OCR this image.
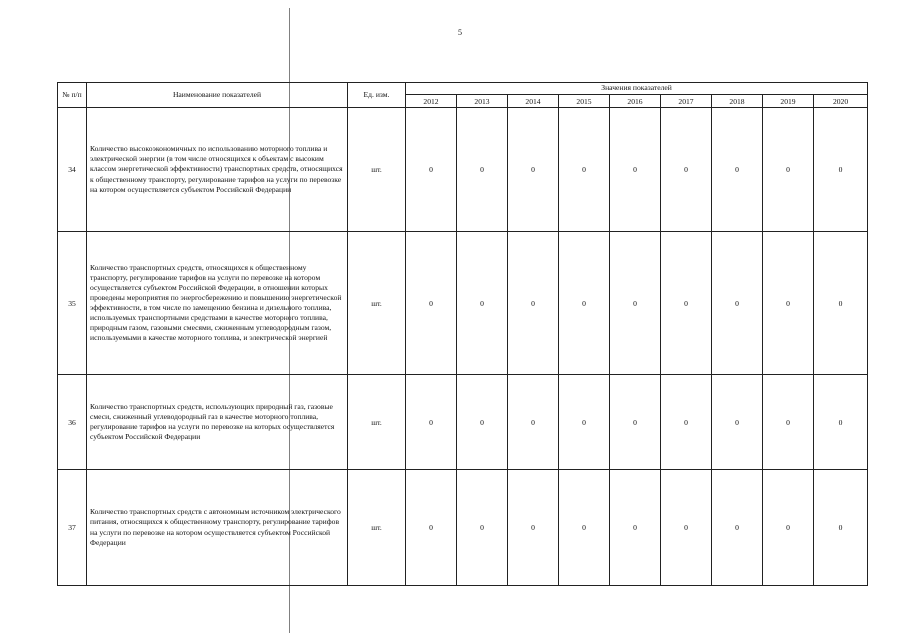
5
№ п/п	Наименование показателей	Ед. изм.	Значения показателей								
			2012	2013	2014	2015	2016	2017	2018	2019	2020
34	Количество высокоэкономичных по использованию моторного топлива и электрической энергии (в том числе относящихся к объектам с высоким классом энергетической эффективности) транспортных средств, относящихся к общественному транспорту, регулирование тарифов на услуги по перевозке на котором осуществляется субъектом Российской Федерации	шт.	0	0	0	0	0	0	0	0	0
35	Количество транспортных средств, относящихся к общественному транспорту, регулирование тарифов на услуги по перевозке на котором осуществляется субъектом Российской Федерации, в отношении которых проведены мероприятия по энергосбережению и повышению энергетической эффективности, в том числе по замещению бензина и дизельного топлива, используемых транспортными средствами в качестве моторного топлива, природным газом, газовыми смесями, сжиженным углеводородным газом, используемыми в качестве моторного топлива, и электрической энергией	шт.	0	0	0	0	0	0	0	0	0
36	Количество транспортных средств, использующих природный газ, газовые смеси, сжиженный углеводородный газ в качестве моторного топлива, регулирование тарифов на услуги по перевозке на которых осуществляется субъектом Российской Федерации	шт.	0	0	0	0	0	0	0	0	0
37	Количество транспортных средств с автономным источником электрического питания, относящихся к общественному транспорту, регулирование тарифов на услуги по перевозке на котором осуществляется субъектом Российской Федерации	шт.	0	0	0	0	0	0	0	0	0
